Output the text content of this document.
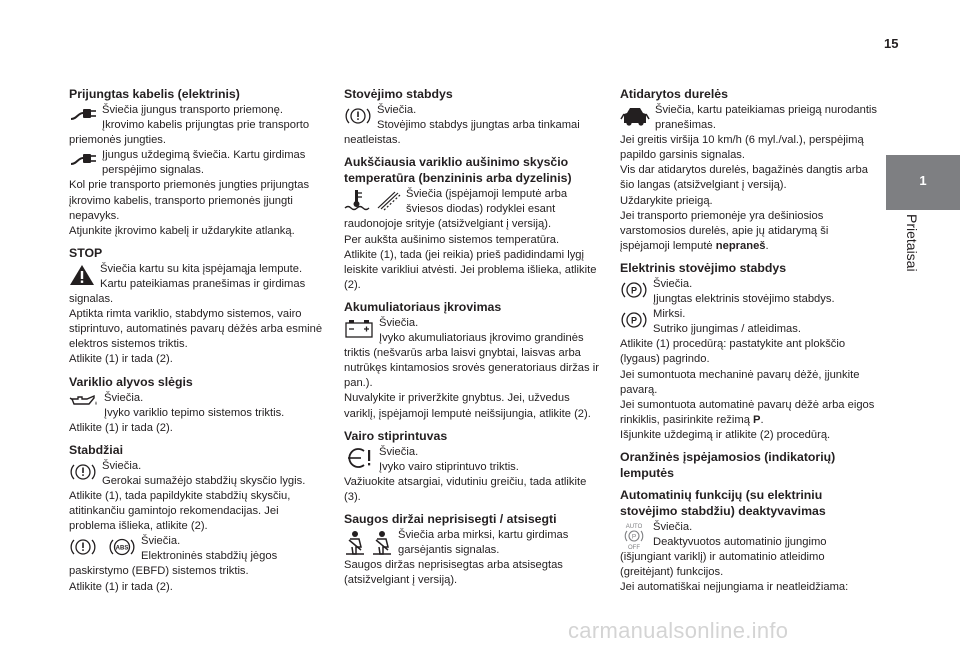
15
1
Prietaisai
Prijungtas kabelis (elektrinis)
Šviečia įjungus transporto priemonę. Įkrovimo kabelis prijungtas prie transporto

priemonės jungties.

Įjungus uždegimą šviečia. Kartu girdimas perspėjimo signalas.

Kol prie transporto priemonės jungties prijungtas įkrovimo kabelis, transporto priemonės įjungti nepavyks.

Atjunkite įkrovimo kabelį ir uždarykite atlanką.

STOP
Šviečia kartu su kita įspėjamąja lempute. Kartu pateikiamas pranešimas ir girdimas

signalas.

Aptikta rimta variklio, stabdymo sistemos, vairo stiprintuvo, automatinės pavarų dėžės arba esminė elektros sistemos triktis.

Atlikite (1) ir tada (2).

Variklio alyvos slėgis
Šviečia.
Įvyko variklio tepimo sistemos triktis.

Atlikite (1) ir tada (2).

Stabdžiai
Šviečia.
Gerokai sumažėjo stabdžių skysčio lygis.

Atlikite (1), tada papildykite stabdžių skysčiu, atitinkančiu gamintojo rekomendacijas. Jei problema išlieka, atlikite (2).

ABS
Šviečia.
Elektroninės stabdžių jėgos

paskirstymo (EBFD) sistemos triktis.

Atlikite (1) ir tada (2).

Stovėjimo stabdys
Šviečia.
Stovėjimo stabdys įjungtas arba tinkamai

neatleistas.

Aukščiausia variklio aušinimo skysčio temperatūra (benzininis arba dyzelinis)
Šviečia (įspėjamoji lemputė arba šviesos diodas) rodyklei esant

raudonojoje srityje (atsižvelgiant į versiją).

Per aukšta aušinimo sistemos temperatūra.

Atlikite (1), tada (jei reikia) prieš padidindami lygį leiskite varikliui atvėsti. Jei problema išlieka, atlikite (2).

Akumuliatoriaus įkrovimas
Šviečia.
Įvyko akumuliatoriaus įkrovimo grandinės

triktis (nešvarūs arba laisvi gnybtai, laisvas arba nutrūkęs kintamosios srovės generatoriaus diržas ir pan.).

Nuvalykite ir priveržkite gnybtus. Jei, užvedus variklį, įspėjamoji lemputė neišsijungia, atlikite (2).

Vairo stiprintuvas
Šviečia.
Įvyko vairo stiprintuvo triktis.

Važiuokite atsargiai, vidutiniu greičiu, tada atlikite (3).

Saugos diržai neprisisegti / atsisegti
Šviečia arba mirksi, kartu girdimas garsėjantis signalas.

Saugos diržas neprisisegtas arba atsisegtas (atsižvelgiant į versiją).

Atidarytos durelės
Šviečia, kartu pateikiamas prieigą nurodantis pranešimas.

Jei greitis viršija 10 km/h (6 myl./val.), perspėjimą papildo garsinis signalas.

Vis dar atidarytos durelės, bagažinės dangtis arba šio langas (atsižvelgiant į versiją).

Uždarykite prieigą.

Jei transporto priemonėje yra dešiniosios varstomosios durelės, apie jų atidarymą ši įspėjamoji lemputė nepraneš.

Elektrinis stovėjimo stabdys
P
Šviečia.
Įjungtas elektrinis stovėjimo stabdys.
P
Mirksi.
Sutriko įjungimas / atleidimas.

Atlikite (1) procedūrą: pastatykite ant plokščio (lygaus) pagrindo.

Jei sumontuota mechaninė pavarų dėžė, įjunkite pavarą.

Jei sumontuota automatinė pavarų dėžė arba eigos rinkiklis, pasirinkite režimą P.

Išjunkite uždegimą ir atlikite (2) procedūrą.

Oranžinės įspėjamosios (indikatorių) lemputės
Automatinių funkcijų (su elektriniu stovėjimo stabdžiu) deaktyvavimas
AUTO
P
OFF
Šviečia.
Deaktyvuotos automatinio įjungimo

(išjungiant variklį) ir automatinio atleidimo (greitėjant) funkcijos.

Jei automatiškai neįjungiama ir neatleidžiama:

carmanualsonline.info
